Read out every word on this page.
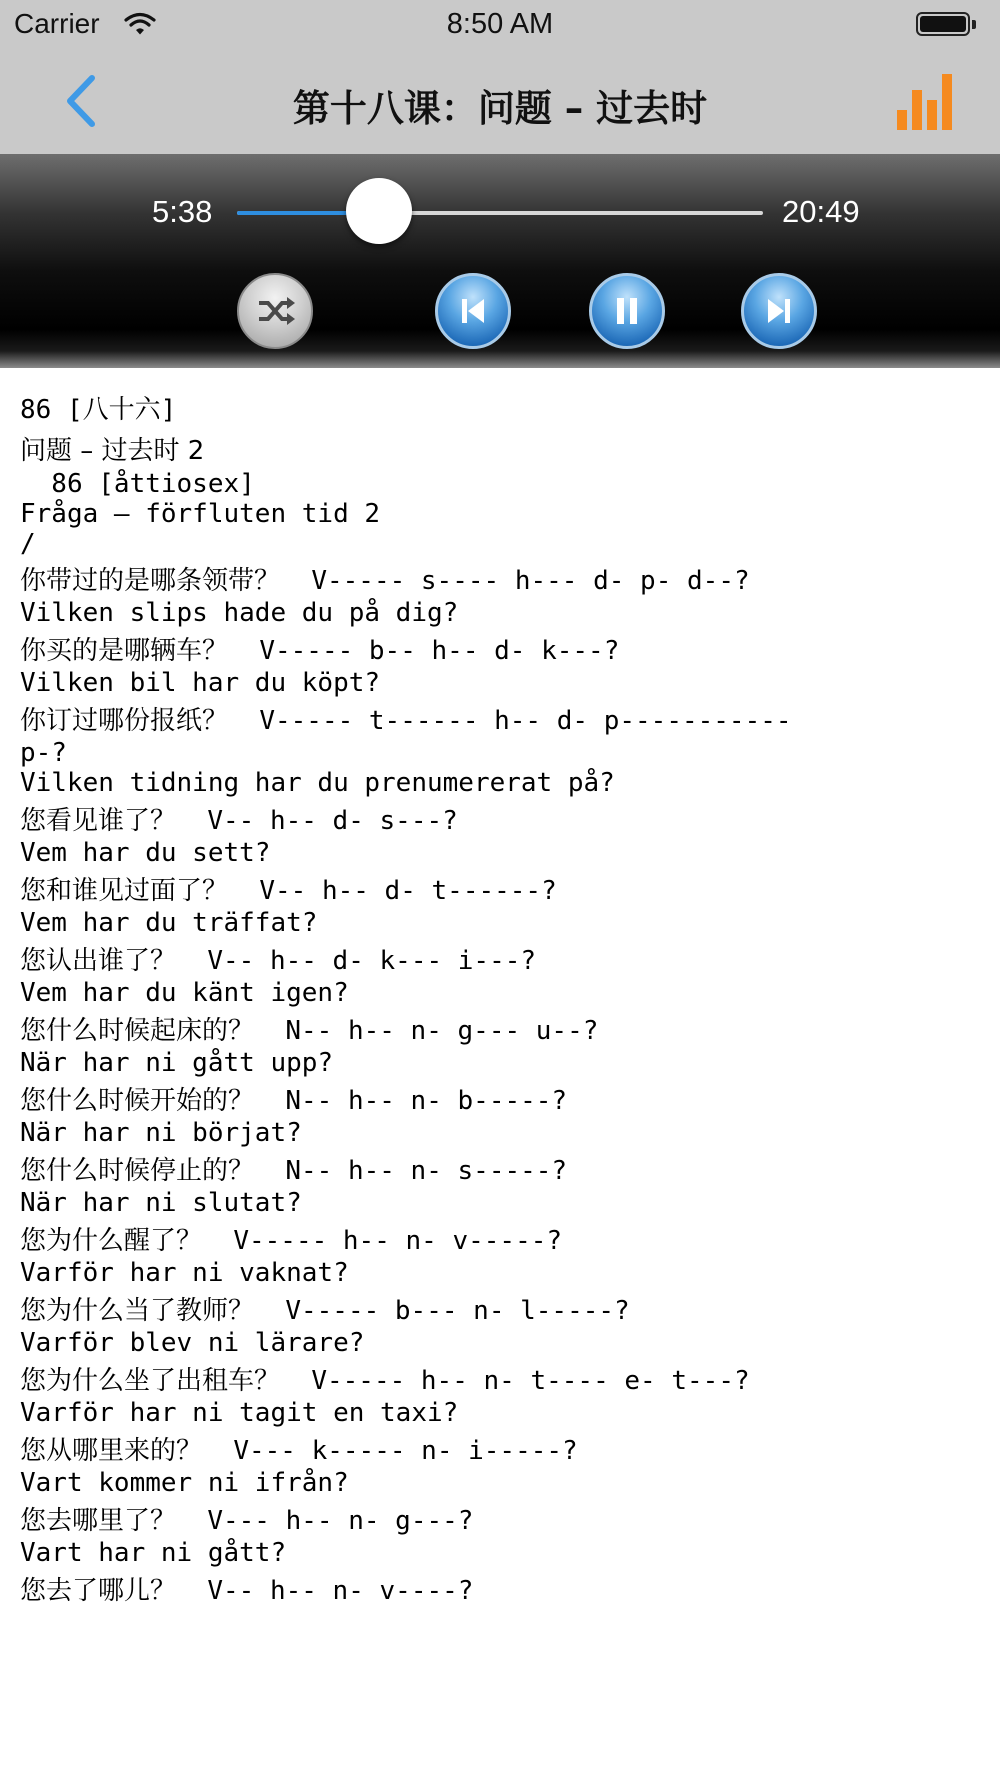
Carrier	8:50 AM
第十八课：问题 – 过去时
5:38	20:49
86 [八十六]
问题 – 过去时 2
86 [åttiosex]
Fråga – förfluten tid 2
/
你带过的是哪条领带？ V----- s---- h--- d- p- d--?
Vilken slips hade du på dig?
你买的是哪辆车？ V----- b-- h-- d- k---?
Vilken bil har du köpt?
你订过哪份报纸？ V----- t------ h-- d- p-----------
p-?
Vilken tidning har du prenumererat på?
您看见谁了？ V-- h-- d- s---?
Vem har du sett?
您和谁见过面了？ V-- h-- d- t------?
Vem har du träffat?
您认出谁了？ V-- h-- d- k--- i---?
Vem har du känt igen?
您什么时候起床的？ N-- h-- n- g--- u--?
När har ni gått upp?
您什么时候开始的？ N-- h-- n- b-----?
När har ni börjat?
您什么时候停止的？ N-- h-- n- s-----?
När har ni slutat?
您为什么醒了？ V----- h-- n- v-----?
Varför har ni vaknat?
您为什么当了教师？ V----- b--- n- l-----?
Varför blev ni lärare?
您为什么坐了出租车？ V----- h-- n- t---- e- t---?
Varför har ni tagit en taxi?
您从哪里来的？ V--- k----- n- i-----?
Vart kommer ni ifrån?
您去哪里了？ V--- h-- n- g---?
Vart har ni gått?
您去了哪儿？ V-- h-- n- v----?
